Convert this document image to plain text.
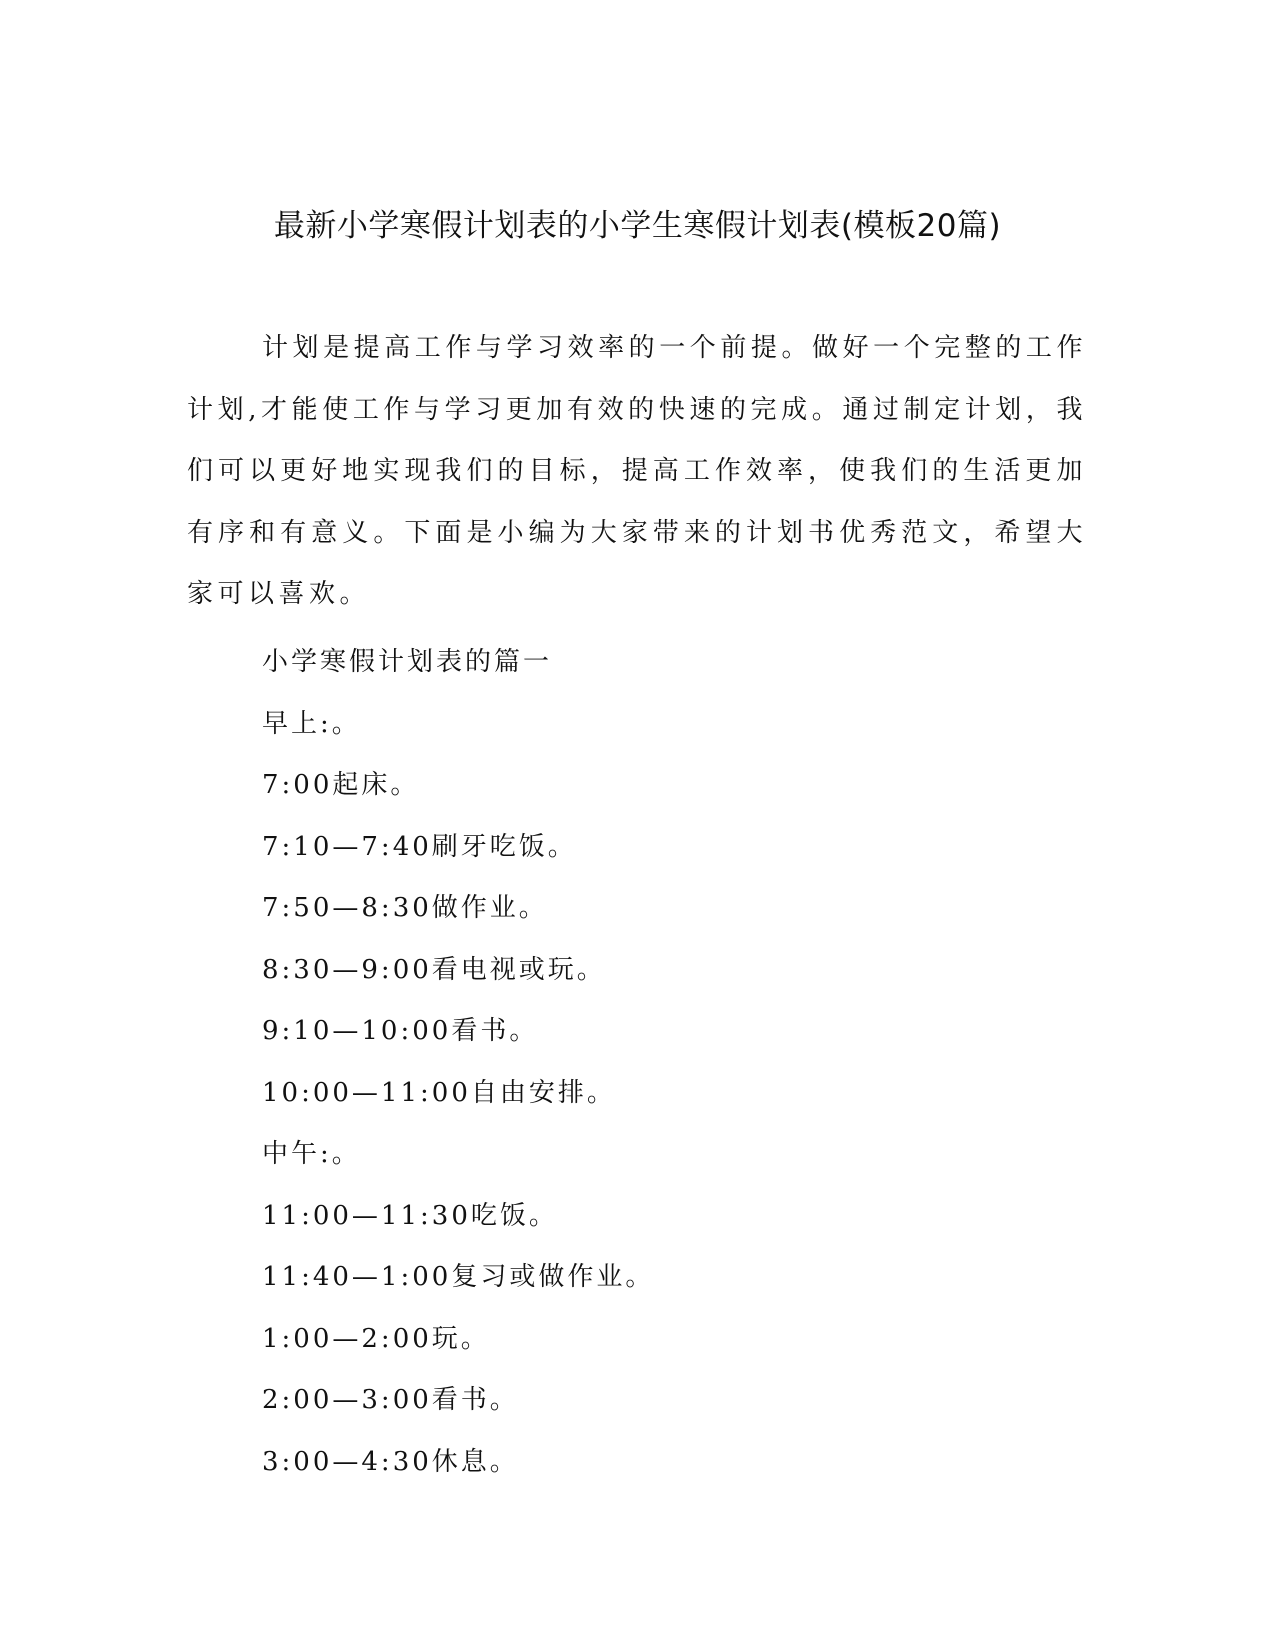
最新小学寒假计划表的小学生寒假计划表(模板20篇)

计划是提高工作与学习效率的一个前提。做好一个完整的工作计划,才能使工作与学习更加有效的快速的完成。通过制定计划，我们可以更好地实现我们的目标，提高工作效率，使我们的生活更加有序和有意义。下面是小编为大家带来的计划书优秀范文，希望大家可以喜欢。

小学寒假计划表的篇一
早上:。
7:00起床。
7:10—7:40刷牙吃饭。
7:50—8:30做作业。
8:30—9:00看电视或玩。
9:10—10:00看书。
10:00—11:00自由安排。
中午:。
11:00—11:30吃饭。
11:40—1:00复习或做作业。
1:00—2:00玩。
2:00—3:00看书。
3:00—4:30休息。
